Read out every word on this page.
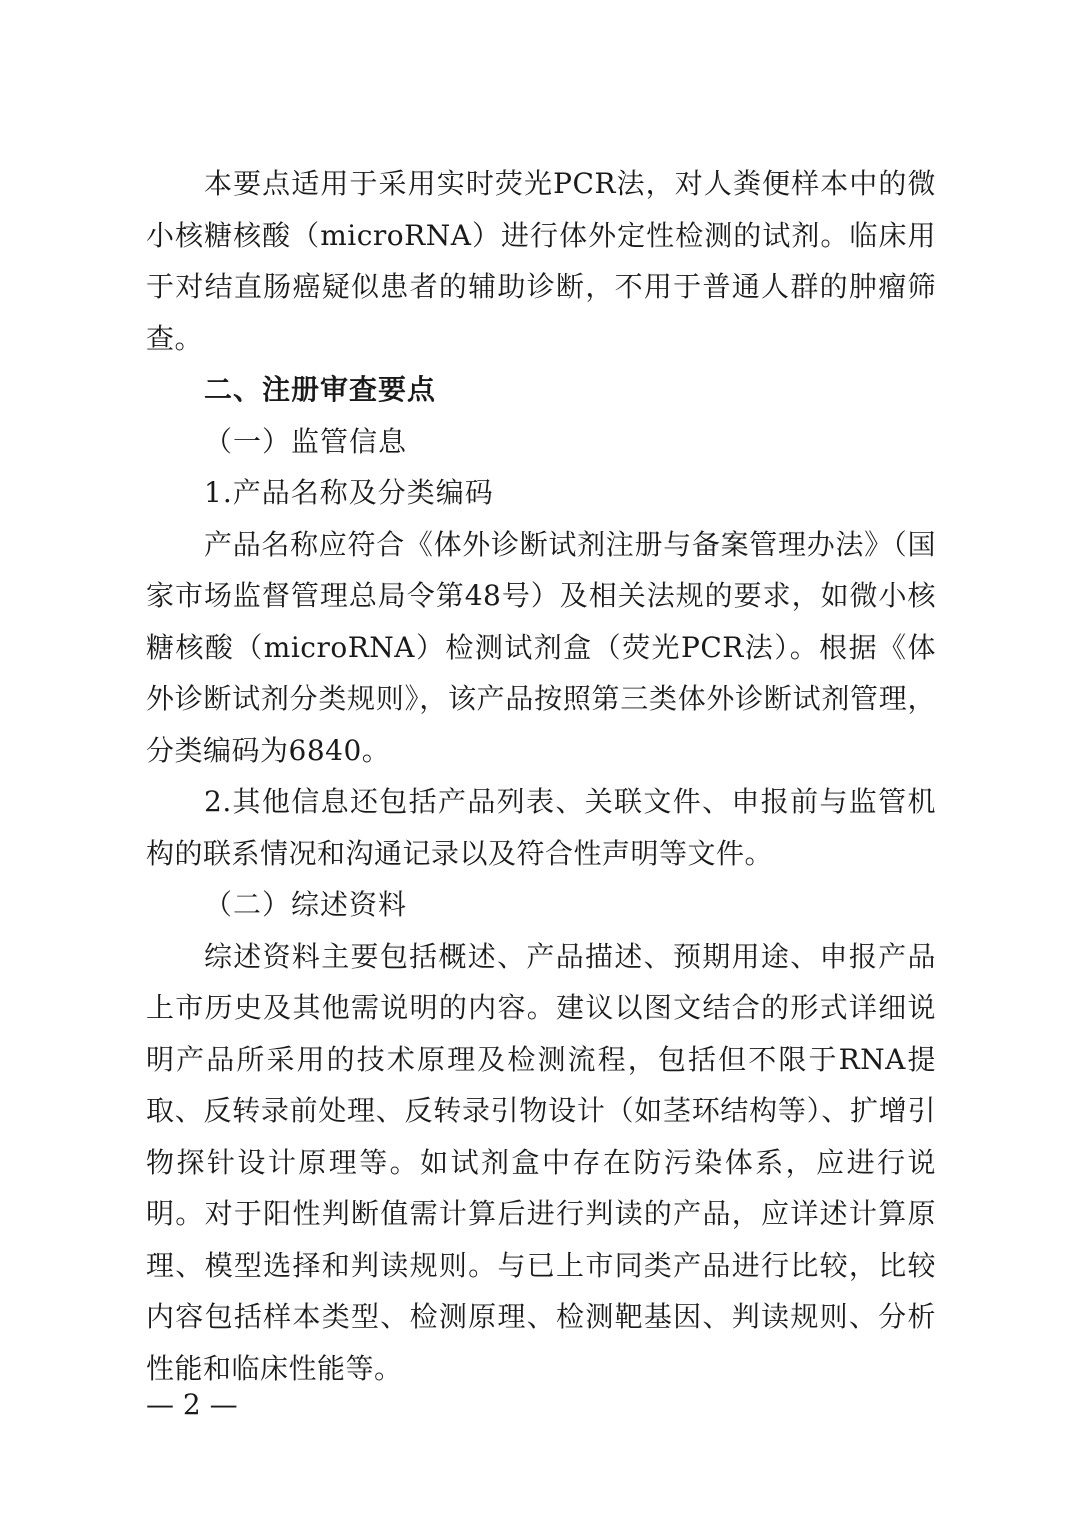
本要点适用于采用实时荧光PCR法，对人粪便样本中的微小核糖核酸（microRNA）进行体外定性检测的试剂。临床用于对结直肠癌疑似患者的辅助诊断，不用于普通人群的肿瘤筛查。

二、注册审查要点

（一）监管信息

1.产品名称及分类编码

产品名称应符合《体外诊断试剂注册与备案管理办法》（国家市场监督管理总局令第48号）及相关法规的要求，如微小核糖核酸（microRNA）检测试剂盒（荧光PCR法）。根据《体外诊断试剂分类规则》，该产品按照第三类体外诊断试剂管理，分类编码为6840。

2.其他信息还包括产品列表、关联文件、申报前与监管机构的联系情况和沟通记录以及符合性声明等文件。

（二）综述资料

综述资料主要包括概述、产品描述、预期用途、申报产品上市历史及其他需说明的内容。建议以图文结合的形式详细说明产品所采用的技术原理及检测流程，包括但不限于RNA提取、反转录前处理、反转录引物设计（如茎环结构等）、扩增引物探针设计原理等。如试剂盒中存在防污染体系，应进行说明。对于阳性判断值需计算后进行判读的产品，应详述计算原理、模型选择和判读规则。与已上市同类产品进行比较，比较内容包括样本类型、检测原理、检测靶基因、判读规则、分析性能和临床性能等。

— 2 —
